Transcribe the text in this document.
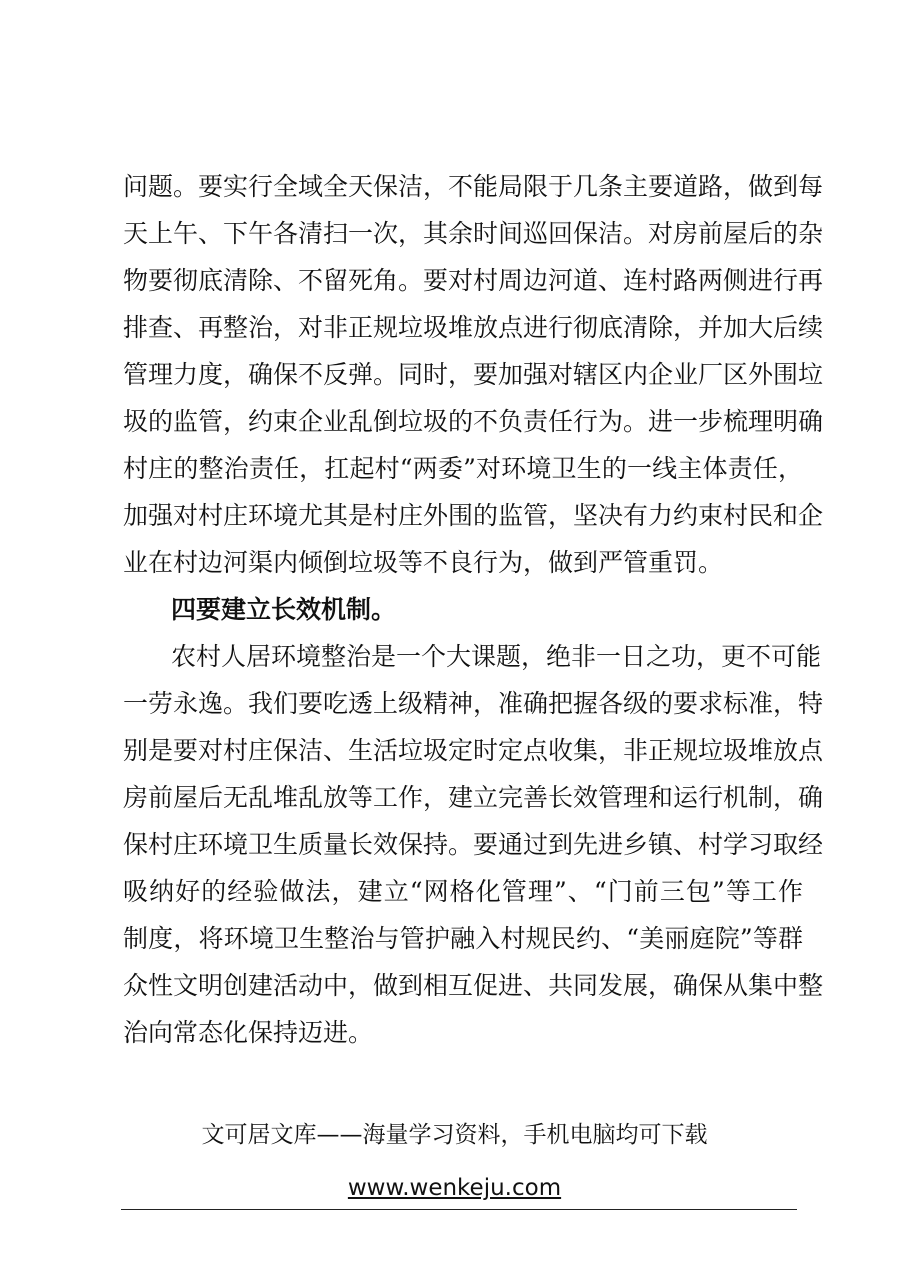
问题。要实行全域全天保洁，不能局限于几条主要道路，做到每
天上午、下午各清扫一次，其余时间巡回保洁。对房前屋后的杂
物要彻底清除、不留死角。要对村周边河道、连村路两侧进行再
排查、再整治，对非正规垃圾堆放点进行彻底清除，并加大后续
管理力度，确保不反弹。同时，要加强对辖区内企业厂区外围垃
圾的监管，约束企业乱倒垃圾的不负责任行为。进一步梳理明确
村庄的整治责任，扛起村“两委”对环境卫生的一线主体责任，
加强对村庄环境尤其是村庄外围的监管，坚决有力约束村民和企
业在村边河渠内倾倒垃圾等不良行为，做到严管重罚。
四要建立长效机制。
农村人居环境整治是一个大课题，绝非一日之功，更不可能
一劳永逸。我们要吃透上级精神，准确把握各级的要求标准，特
别是要对村庄保洁、生活垃圾定时定点收集，非正规垃圾堆放点
房前屋后无乱堆乱放等工作，建立完善长效管理和运行机制，确
保村庄环境卫生质量长效保持。要通过到先进乡镇、村学习取经
吸纳好的经验做法，建立“网格化管理”、“门前三包”等工作
制度，将环境卫生整治与管护融入村规民约、“美丽庭院”等群
众性文明创建活动中，做到相互促进、共同发展，确保从集中整
治向常态化保持迈进。
文可居文库——海量学习资料，手机电脑均可下载
www.wenkeju.com
